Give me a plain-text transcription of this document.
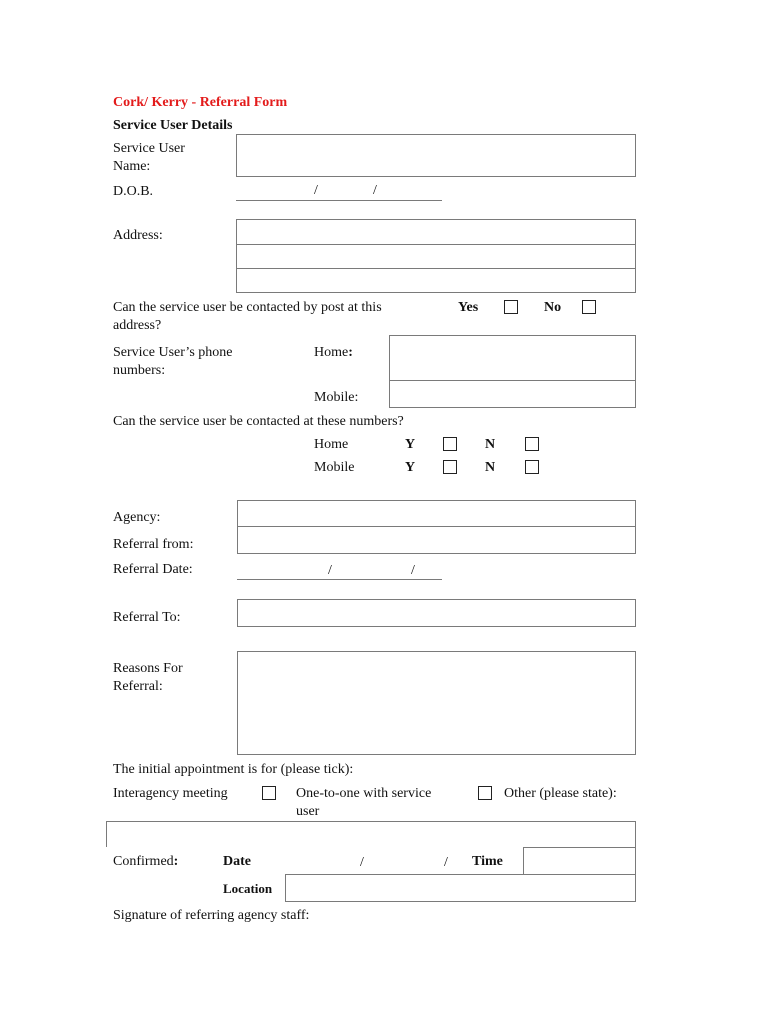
Cork/ Kerry - Referral Form
Service User Details
Service User Name:
D.O.B.	/	/
Address:
Can the service user be contacted by post at this address?
Yes	No
Service User’s phone numbers:
Home:
Mobile:
Can the service user be contacted at these numbers?
Home	Y	N
Mobile	Y	N
Agency:
Referral from:
Referral Date:	/	/
Referral To:
Reasons For Referral:
The initial appointment is for (please tick):
Interagency meeting	One-to-one with service user
Other (please state):
Confirmed:	Date	/	/ Time
Location
Signature of referring agency staff:
